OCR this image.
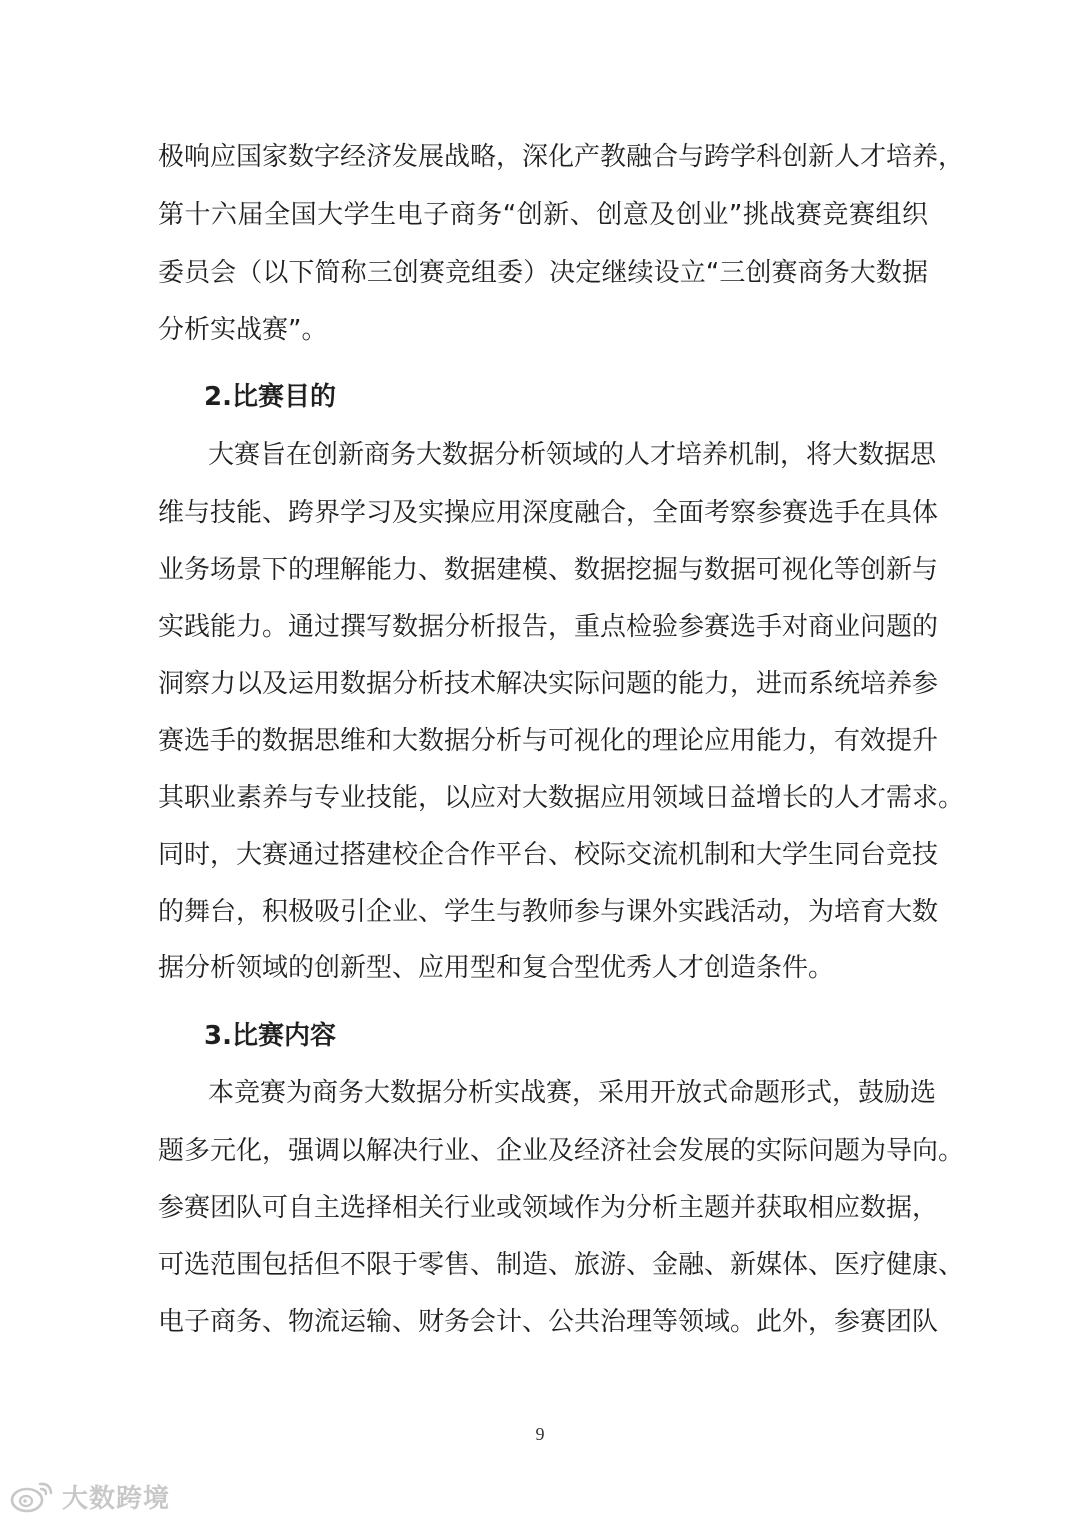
极响应国家数字经济发展战略，深化产教融合与跨学科创新人才培养，
第十六届全国大学生电子商务“创新、创意及创业”挑战赛竞赛组织
委员会（以下简称三创赛竞组委）决定继续设立“三创赛商务大数据
分析实战赛”。
2.比赛目的
大赛旨在创新商务大数据分析领域的人才培养机制，将大数据思
维与技能、跨界学习及实操应用深度融合，全面考察参赛选手在具体
业务场景下的理解能力、数据建模、数据挖掘与数据可视化等创新与
实践能力。通过撰写数据分析报告，重点检验参赛选手对商业问题的
洞察力以及运用数据分析技术解决实际问题的能力，进而系统培养参
赛选手的数据思维和大数据分析与可视化的理论应用能力，有效提升
其职业素养与专业技能，以应对大数据应用领域日益增长的人才需求。
同时，大赛通过搭建校企合作平台、校际交流机制和大学生同台竞技
的舞台，积极吸引企业、学生与教师参与课外实践活动，为培育大数
据分析领域的创新型、应用型和复合型优秀人才创造条件。
3.比赛内容
本竞赛为商务大数据分析实战赛，采用开放式命题形式，鼓励选
题多元化，强调以解决行业、企业及经济社会发展的实际问题为导向。
参赛团队可自主选择相关行业或领域作为分析主题并获取相应数据，
可选范围包括但不限于零售、制造、旅游、金融、新媒体、医疗健康、
电子商务、物流运输、财务会计、公共治理等领域。此外，参赛团队
9
大数跨境
